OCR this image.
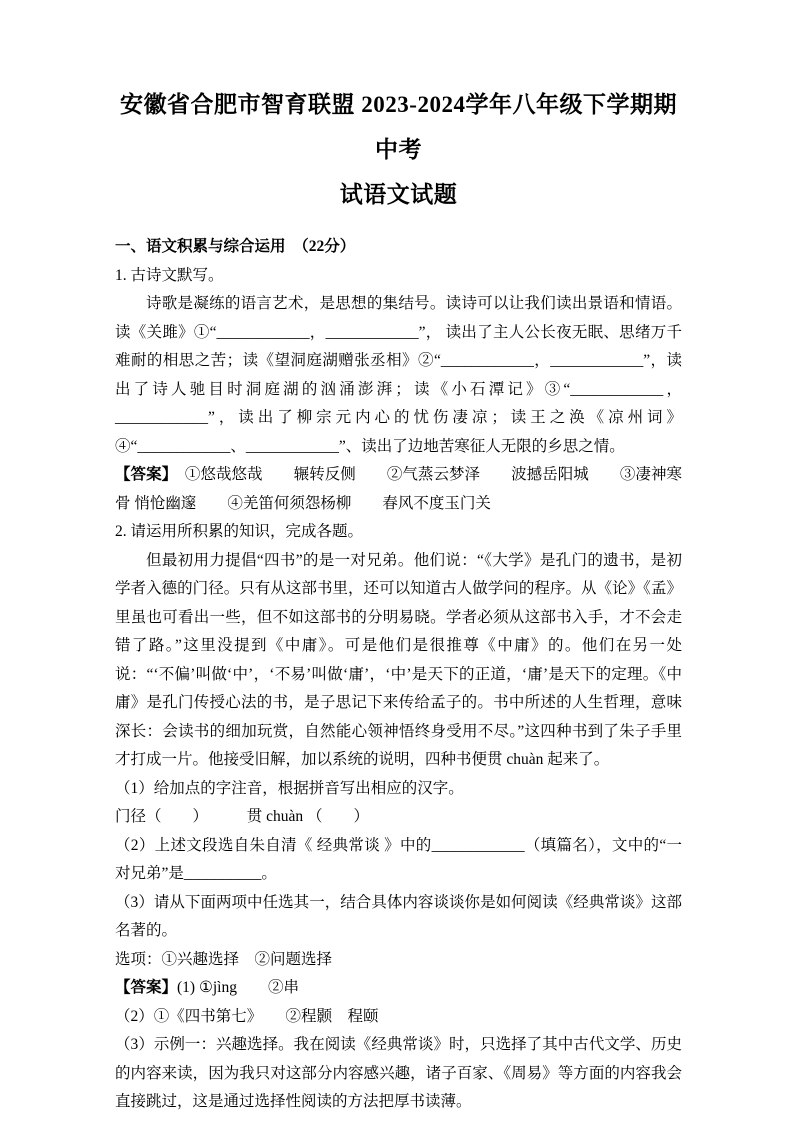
安徽省合肥市智育联盟 2023-2024学年八年级下学期期中考
试语文试题

一、语文积累与综合运用　（22分）

1. 古诗文默写。

诗歌是凝练的语言艺术，是思想的集结号。读诗可以让我们读出景语和情语。读《关雎》①“____________，____________”， 读出了主人公长夜无眠、思绪万千难耐的相思之苦；读《望洞庭湖赠张丞相》②“____________，____________”，读出了诗人驰目时洞庭湖的汹涌澎湃；读《小石潭记》③“____________，____________”，读出了柳宗元内心的忧伤凄凉；读王之涣《凉州词》④“____________、____________”、读出了边地苦寒征人无限的乡思之情。

【答案】　①悠哉悠哉　　辗转反侧　　②气蒸云梦泽　　波撼岳阳城　　③凄神寒骨 悄怆幽邃　　④羌笛何须怨杨柳　　春风不度玉门关

2. 请运用所积累的知识，完成各题。

但最初用力提倡“四书”的是一对兄弟。他们说：“《大学》是孔门的遗书，是初学者入德的门径。只有从这部书里，还可以知道古人做学问的程序。从《论》《孟》里虽也可看出一些，但不如这部书的分明易晓。学者必须从这部书入手，才不会走错了路。”这里没提到《中庸》。可是他们是很推尊《中庸》的。他们在另一处说：“‘不偏’叫做‘中’，‘不易’叫做‘庸’，‘中’是天下的正道，‘庸’是天下的定理。《中庸》是孔门传授心法的书，是子思记下来传给孟子的。书中所述的人生哲理，意味深长：会读书的细加玩赏，自然能心领神悟终身受用不尽。”这四种书到了朱子手里才打成一片。他接受旧解，加以系统的说明，四种书便贯 chuàn 起来了。

（1）给加点的字注音，根据拼音写出相应的汉字。

门径（　　）　　　贯 chuàn （　　）

（2）上述文段选自朱自清《 经典常谈 》中的____________（填篇名），文中的“一对兄弟”是__________。

（3）请从下面两项中任选其一，结合具体内容谈谈你是如何阅读《经典常谈》这部名著的。

选项：①兴趣选择　②问题选择

【答案】(1) ①jìng　　②串

（2）①《四书第七》　　②程颢　程颐

（3）示例一：兴趣选择。我在阅读《经典常谈》时，只选择了其中古代文学、历史的内容来读，因为我只对这部分内容感兴趣，诸子百家、《周易》等方面的内容我会直接跳过，这是通过选择性阅读的方法把厚书读薄。
